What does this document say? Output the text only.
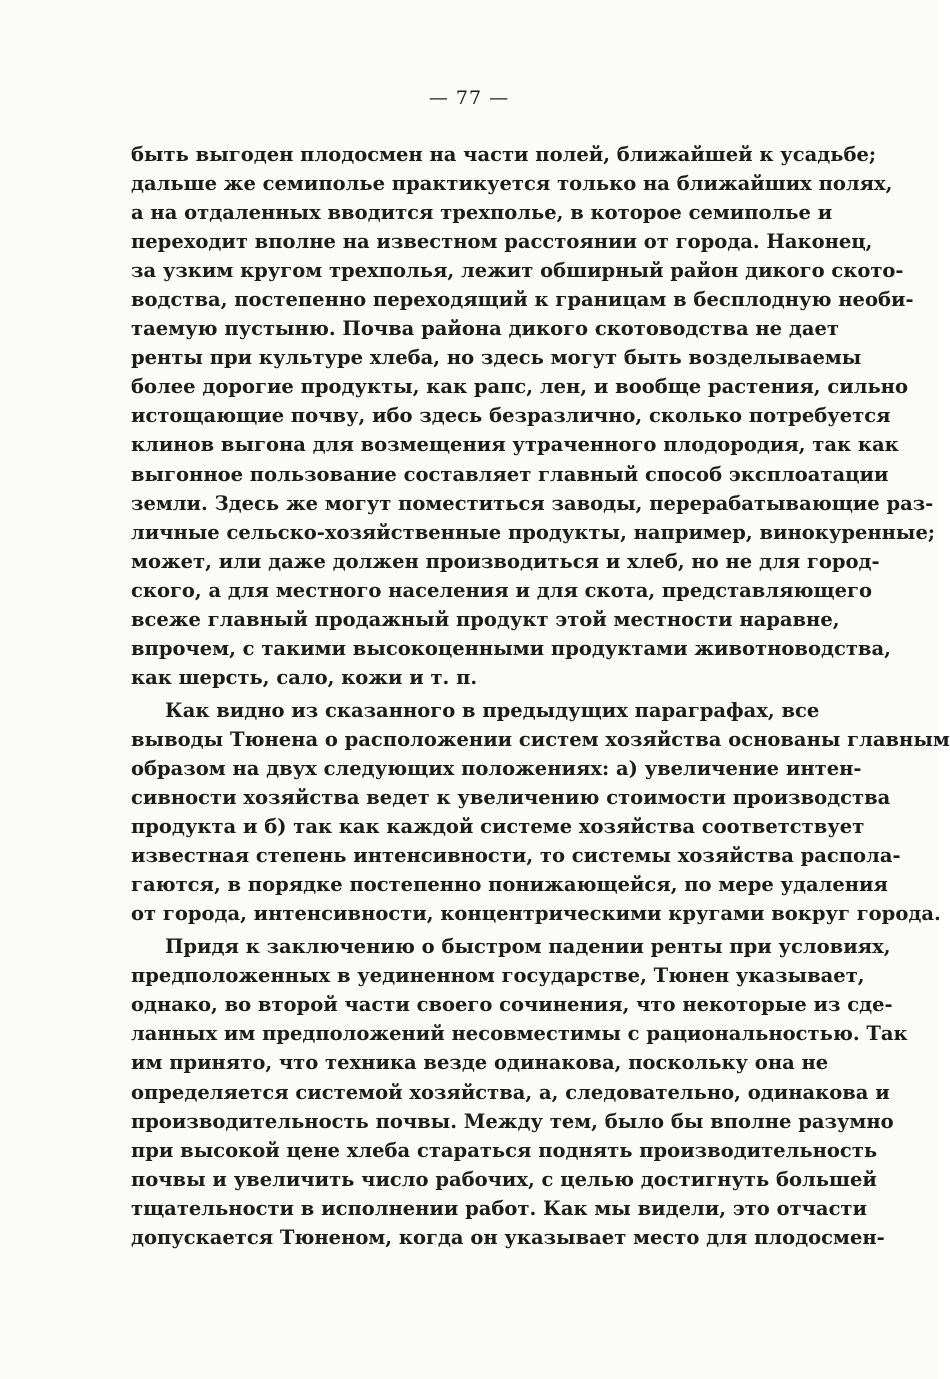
— 77 —
быть выгоден плодосмен на части полей, ближайшей к усадьбе;
дальше же семиполье практикуется только на ближайших полях,
а на отдаленных вводится трехполье, в которое семиполье и
переходит вполне на известном расстоянии от города. Наконец,
за узким кругом трехполья, лежит обширный район дикого ското-
водства, постепенно переходящий к границам в бесплодную необи-
таемую пустыню. Почва района дикого скотоводства не дает
ренты при культуре хлеба, но здесь могут быть возделываемы
более дорогие продукты, как рапс, лен, и вообще растения, сильно
истощающие почву, ибо здесь безразлично, сколько потребуется
клинов выгона для возмещения утраченного плодородия, так как
выгонное пользование составляет главный способ эксплоатации
земли. Здесь же могут поместиться заводы, перерабатывающие раз-
личные сельско-хозяйственные продукты, например, винокуренные;
может, или даже должен производиться и хлеб, но не для город-
ского, а для местного населения и для скота, представляющего
всеже главный продажный продукт этой местности наравне,
впрочем, с такими высокоценными продуктами животноводства,
как шерсть, сало, кожи и т. п.
Как видно из сказанного в предыдущих параграфах, все
выводы Тюнена о расположении систем хозяйства основаны главным
образом на двух следующих положениях: а) увеличение интен-
сивности хозяйства ведет к увеличению стоимости производства
продукта и б) так как каждой системе хозяйства соответствует
известная степень интенсивности, то системы хозяйства распола-
гаются, в порядке постепенно понижающейся, по мере удаления
от города, интенсивности, концентрическими кругами вокруг города.
Придя к заключению о быстром падении ренты при условиях,
предположенных в уединенном государстве, Тюнен указывает,
однако, во второй части своего сочинения, что некоторые из сде-
ланных им предположений несовместимы с рациональностью. Так
им принято, что техника везде одинакова, поскольку она не
определяется системой хозяйства, а, следовательно, одинакова и
производительность почвы. Между тем, было бы вполне разумно
при высокой цене хлеба стараться поднять производительность
почвы и увеличить число рабочих, с целью достигнуть большей
тщательности в исполнении работ. Как мы видели, это отчасти
допускается Тюненом, когда он указывает место для плодосмен-
